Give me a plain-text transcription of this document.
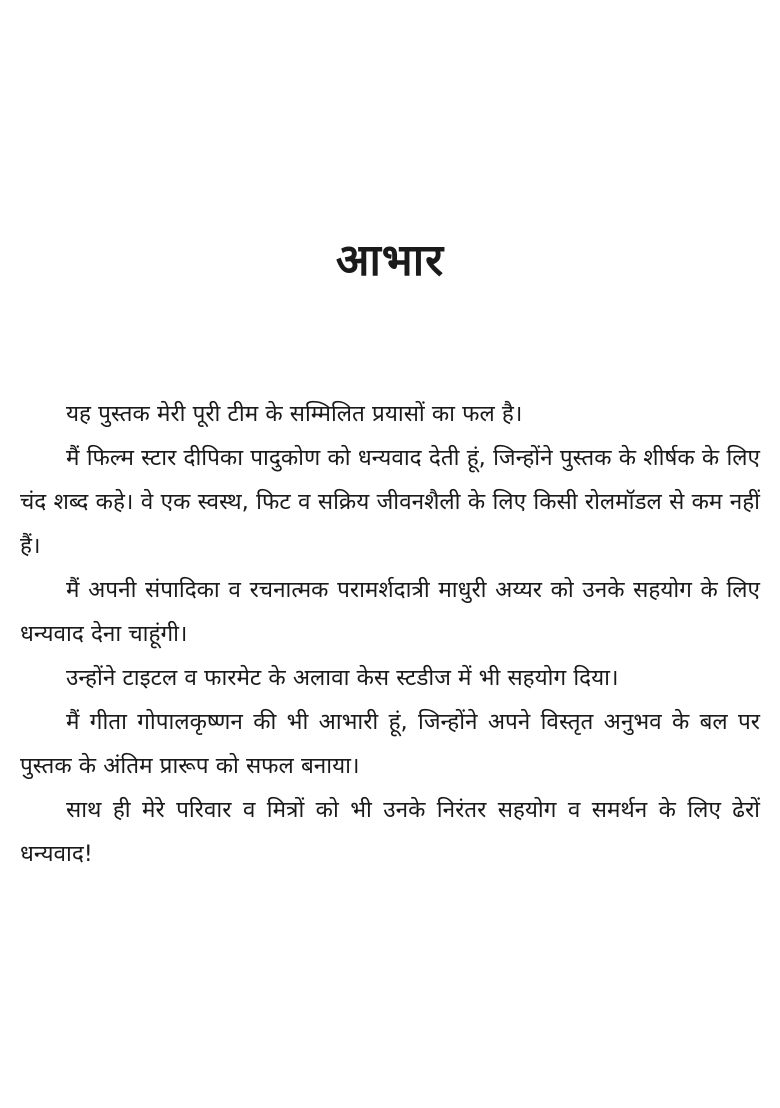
आभार

यह पुस्तक मेरी पूरी टीम के सम्मिलित प्रयासों का फल है।

मैं फिल्म स्टार दीपिका पादुकोण को धन्यवाद देती हूं, जिन्होंने पुस्तक के शीर्षक के लिए चंद शब्द कहे। वे एक स्वस्थ, फिट व सक्रिय जीवनशैली के लिए किसी रोलमॉडल से कम नहीं हैं।

मैं अपनी संपादिका व रचनात्मक परामर्शदात्री माधुरी अय्यर को उनके सहयोग के लिए धन्यवाद देना चाहूंगी।

उन्होंने टाइटल व फारमेट के अलावा केस स्टडीज में भी सहयोग दिया।

मैं गीता गोपालकृष्णन की भी आभारी हूं, जिन्होंने अपने विस्तृत अनुभव के बल पर पुस्तक के अंतिम प्रारूप को सफल बनाया।

साथ ही मेरे परिवार व मित्रों को भी उनके निरंतर सहयोग व समर्थन के लिए ढेरों धन्यवाद!
